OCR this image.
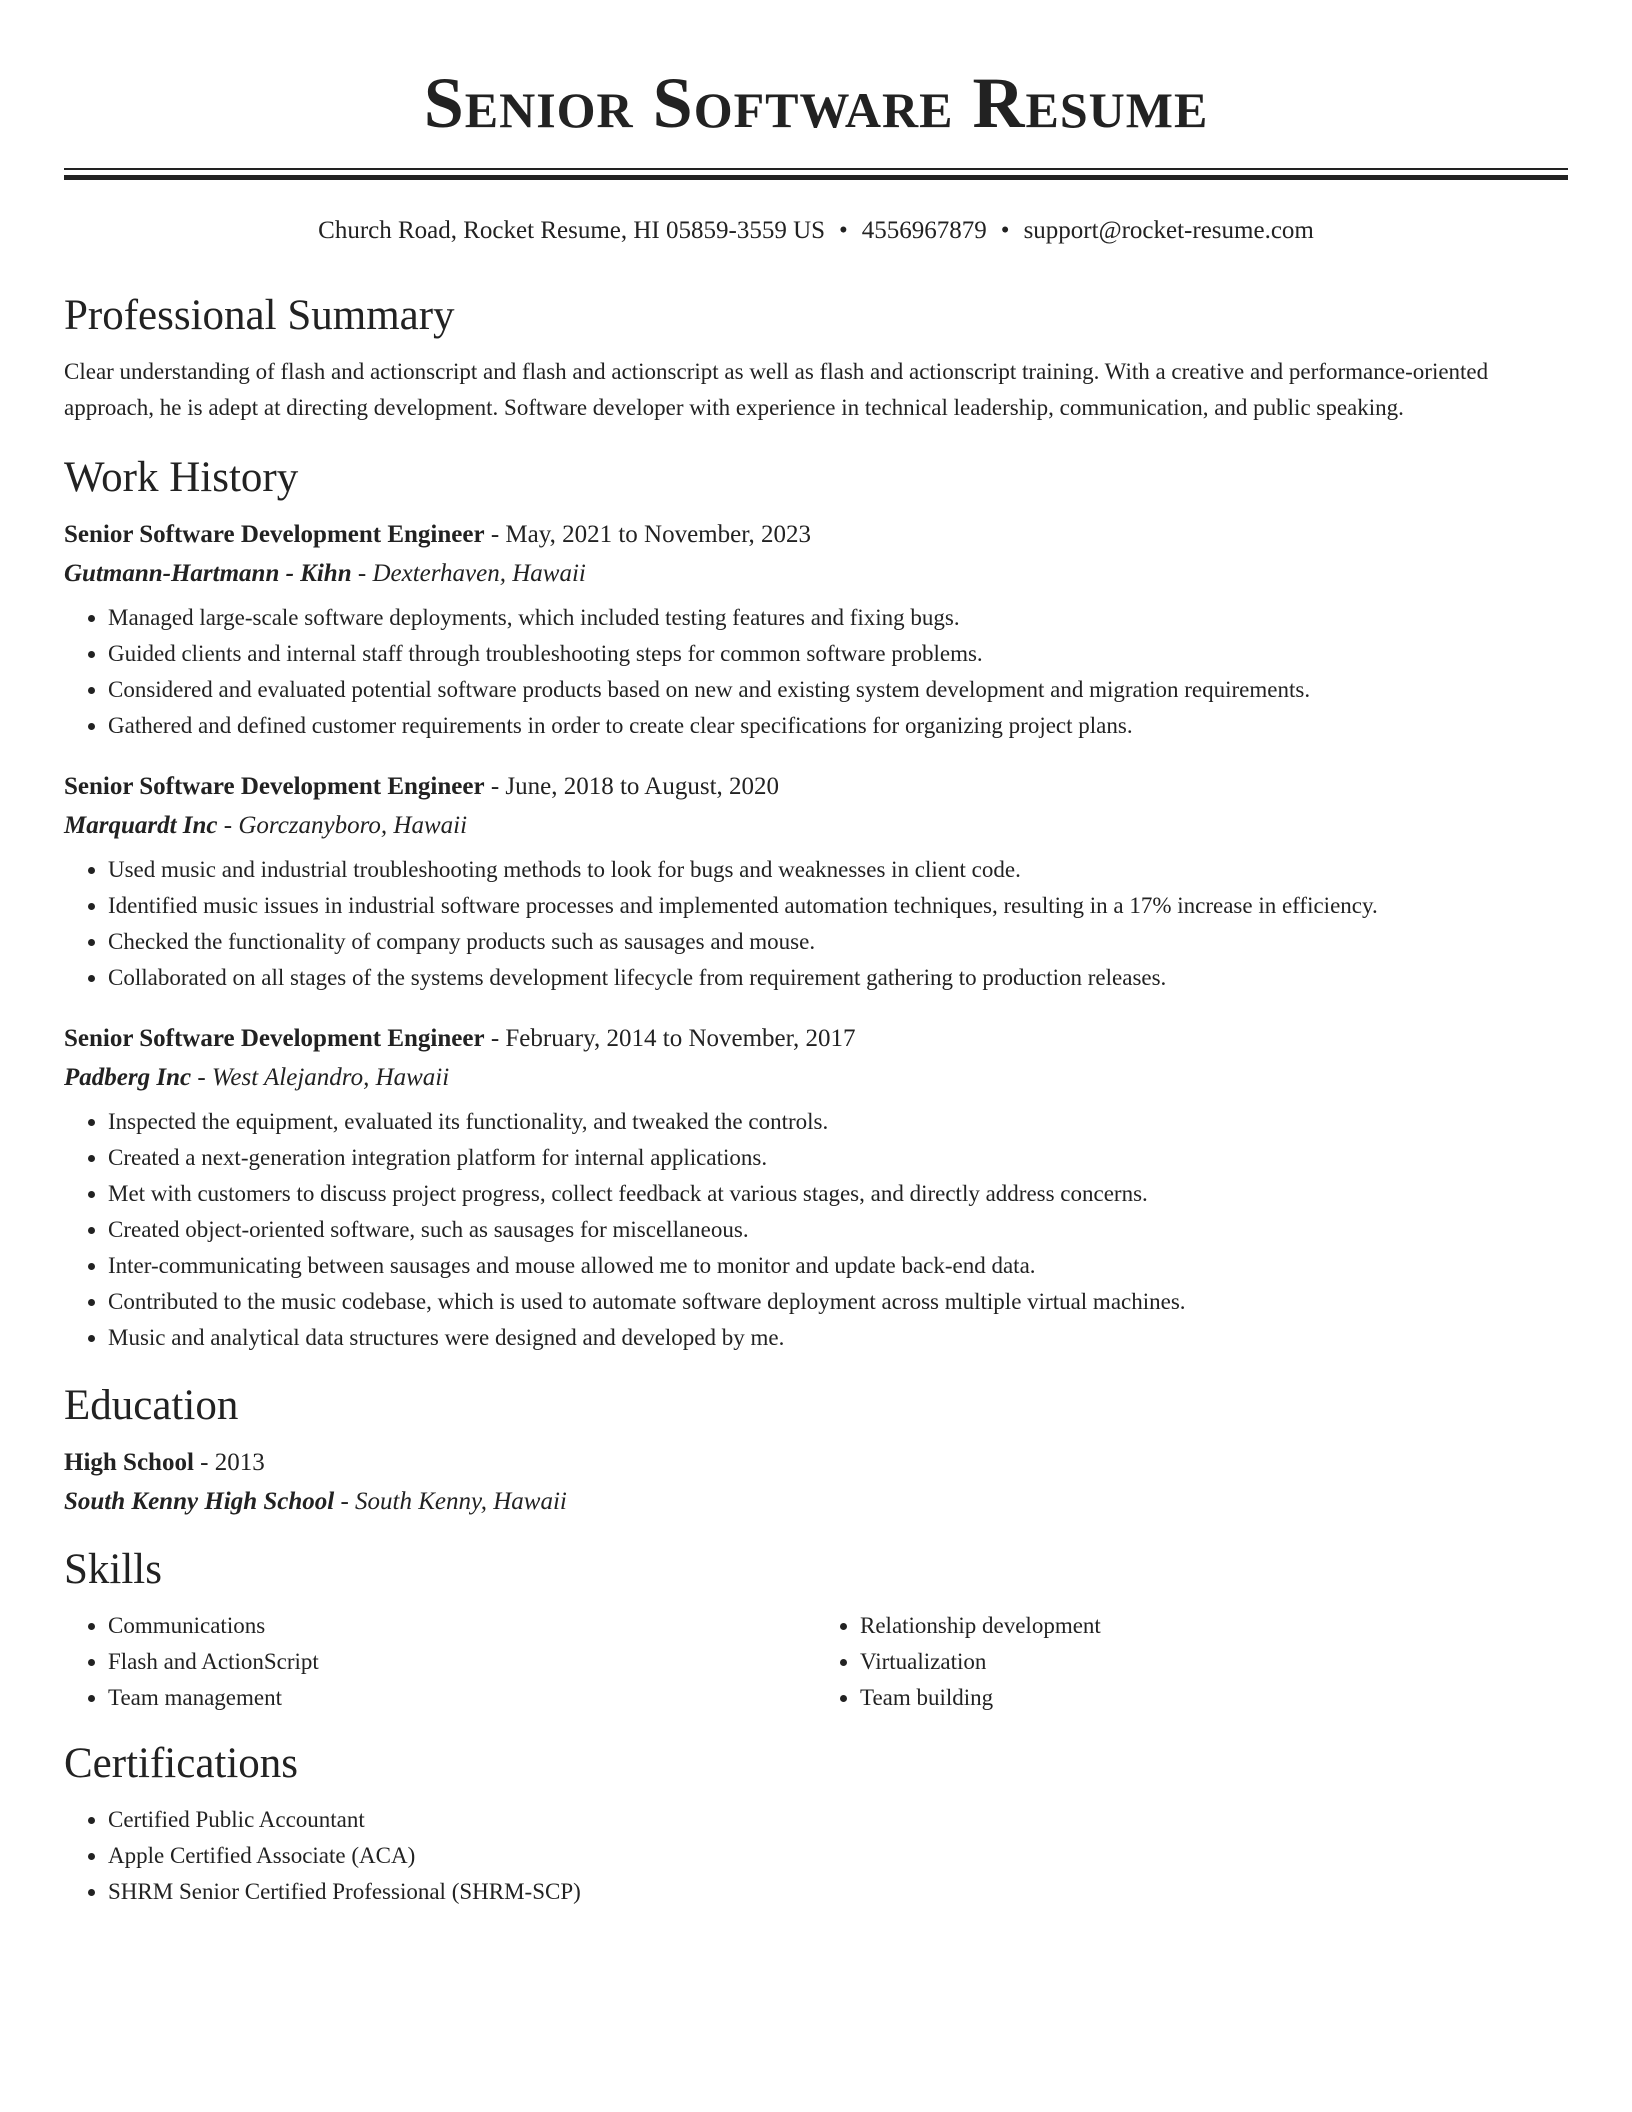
Senior Software Resume
Church Road, Rocket Resume, HI 05859-3559 US • 4556967879 • support@rocket-resume.com
Professional Summary

Clear understanding of flash and actionscript and flash and actionscript as well as flash and actionscript training. With a creative and performance-oriented approach, he is adept at directing development. Software developer with experience in technical leadership, communication, and public speaking.

Work History
Senior Software Development Engineer - May, 2021 to November, 2023
Gutmann-Hartmann - Kihn - Dexterhaven, Hawaii
• Managed large-scale software deployments, which included testing features and fixing bugs.
• Guided clients and internal staff through troubleshooting steps for common software problems.
• Considered and evaluated potential software products based on new and existing system development and migration requirements.
• Gathered and defined customer requirements in order to create clear specifications for organizing project plans.
Senior Software Development Engineer - June, 2018 to August, 2020
Marquardt Inc - Gorczanyboro, Hawaii
• Used music and industrial troubleshooting methods to look for bugs and weaknesses in client code.
• Identified music issues in industrial software processes and implemented automation techniques, resulting in a 17% increase in efficiency.
• Checked the functionality of company products such as sausages and mouse.
• Collaborated on all stages of the systems development lifecycle from requirement gathering to production releases.
Senior Software Development Engineer - February, 2014 to November, 2017
Padberg Inc - West Alejandro, Hawaii
• Inspected the equipment, evaluated its functionality, and tweaked the controls.
• Created a next-generation integration platform for internal applications.
• Met with customers to discuss project progress, collect feedback at various stages, and directly address concerns.
• Created object-oriented software, such as sausages for miscellaneous.
• Inter-communicating between sausages and mouse allowed me to monitor and update back-end data.
• Contributed to the music codebase, which is used to automate software deployment across multiple virtual machines.
• Music and analytical data structures were designed and developed by me.
Education
High School - 2013
South Kenny High School - South Kenny, Hawaii
Skills
• Communications
• Flash and ActionScript
• Team management
• Relationship development
• Virtualization
• Team building
Certifications
• Certified Public Accountant
• Apple Certified Associate (ACA)
• SHRM Senior Certified Professional (SHRM-SCP)
